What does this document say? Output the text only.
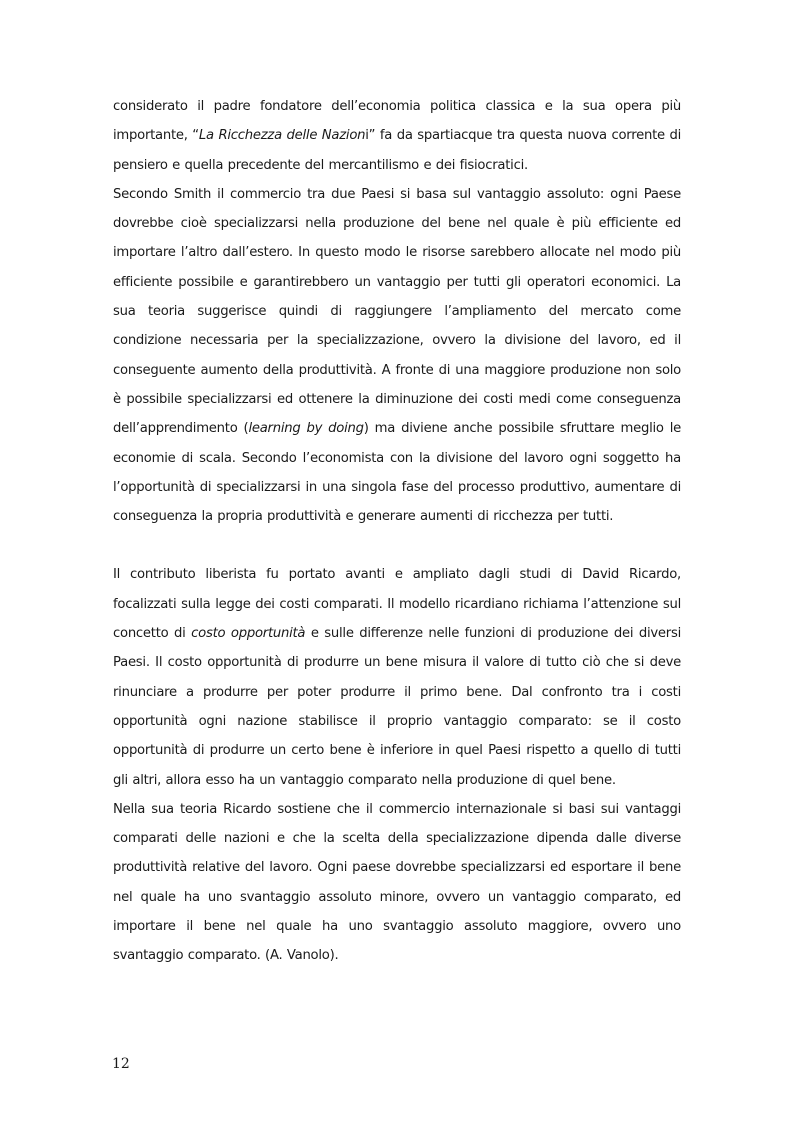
considerato il padre fondatore dell’economia politica classica e la sua opera più importante, “La Ricchezza delle Nazioni” fa da spartiacque tra questa nuova corrente di pensiero e quella precedente del mercantilismo e dei fisiocratici.

Secondo Smith il commercio tra due Paesi si basa sul vantaggio assoluto: ogni Paese dovrebbe cioè specializzarsi nella produzione del bene nel quale è più efficiente ed importare l’altro dall’estero. In questo modo le risorse sarebbero allocate nel modo più efficiente possibile e garantirebbero un vantaggio per tutti gli operatori economici. La sua teoria suggerisce quindi di raggiungere l’ampliamento del mercato come condizione necessaria per la specializzazione, ovvero la divisione del lavoro, ed il conseguente aumento della produttività. A fronte di una maggiore produzione non solo è possibile specializzarsi ed ottenere la diminuzione dei costi medi come conseguenza dell’apprendimento (learning by doing) ma diviene anche possibile sfruttare meglio le economie di scala. Secondo l’economista con la divisione del lavoro ogni soggetto ha l’opportunità di specializzarsi in una singola fase del processo produttivo, aumentare di conseguenza la propria produttività e generare aumenti di ricchezza per tutti.

Il contributo liberista fu portato avanti e ampliato dagli studi di David Ricardo, focalizzati sulla legge dei costi comparati. Il modello ricardiano richiama l’attenzione sul concetto di costo opportunità e sulle differenze nelle funzioni di produzione dei diversi Paesi. Il costo opportunità di produrre un bene misura il valore di tutto ciò che si deve rinunciare a produrre per poter produrre il primo bene. Dal confronto tra i costi opportunità ogni nazione stabilisce il proprio vantaggio comparato: se il costo opportunità di produrre un certo bene è inferiore in quel Paesi rispetto a quello di tutti gli altri, allora esso ha un vantaggio comparato nella produzione di quel bene.

Nella sua teoria Ricardo sostiene che il commercio internazionale si basi sui vantaggi comparati delle nazioni e che la scelta della specializzazione dipenda dalle diverse produttività relative del lavoro. Ogni paese dovrebbe specializzarsi ed esportare il bene nel quale ha uno svantaggio assoluto minore, ovvero un vantaggio comparato, ed importare il bene nel quale ha uno svantaggio assoluto maggiore, ovvero uno svantaggio comparato. (A. Vanolo).

12
